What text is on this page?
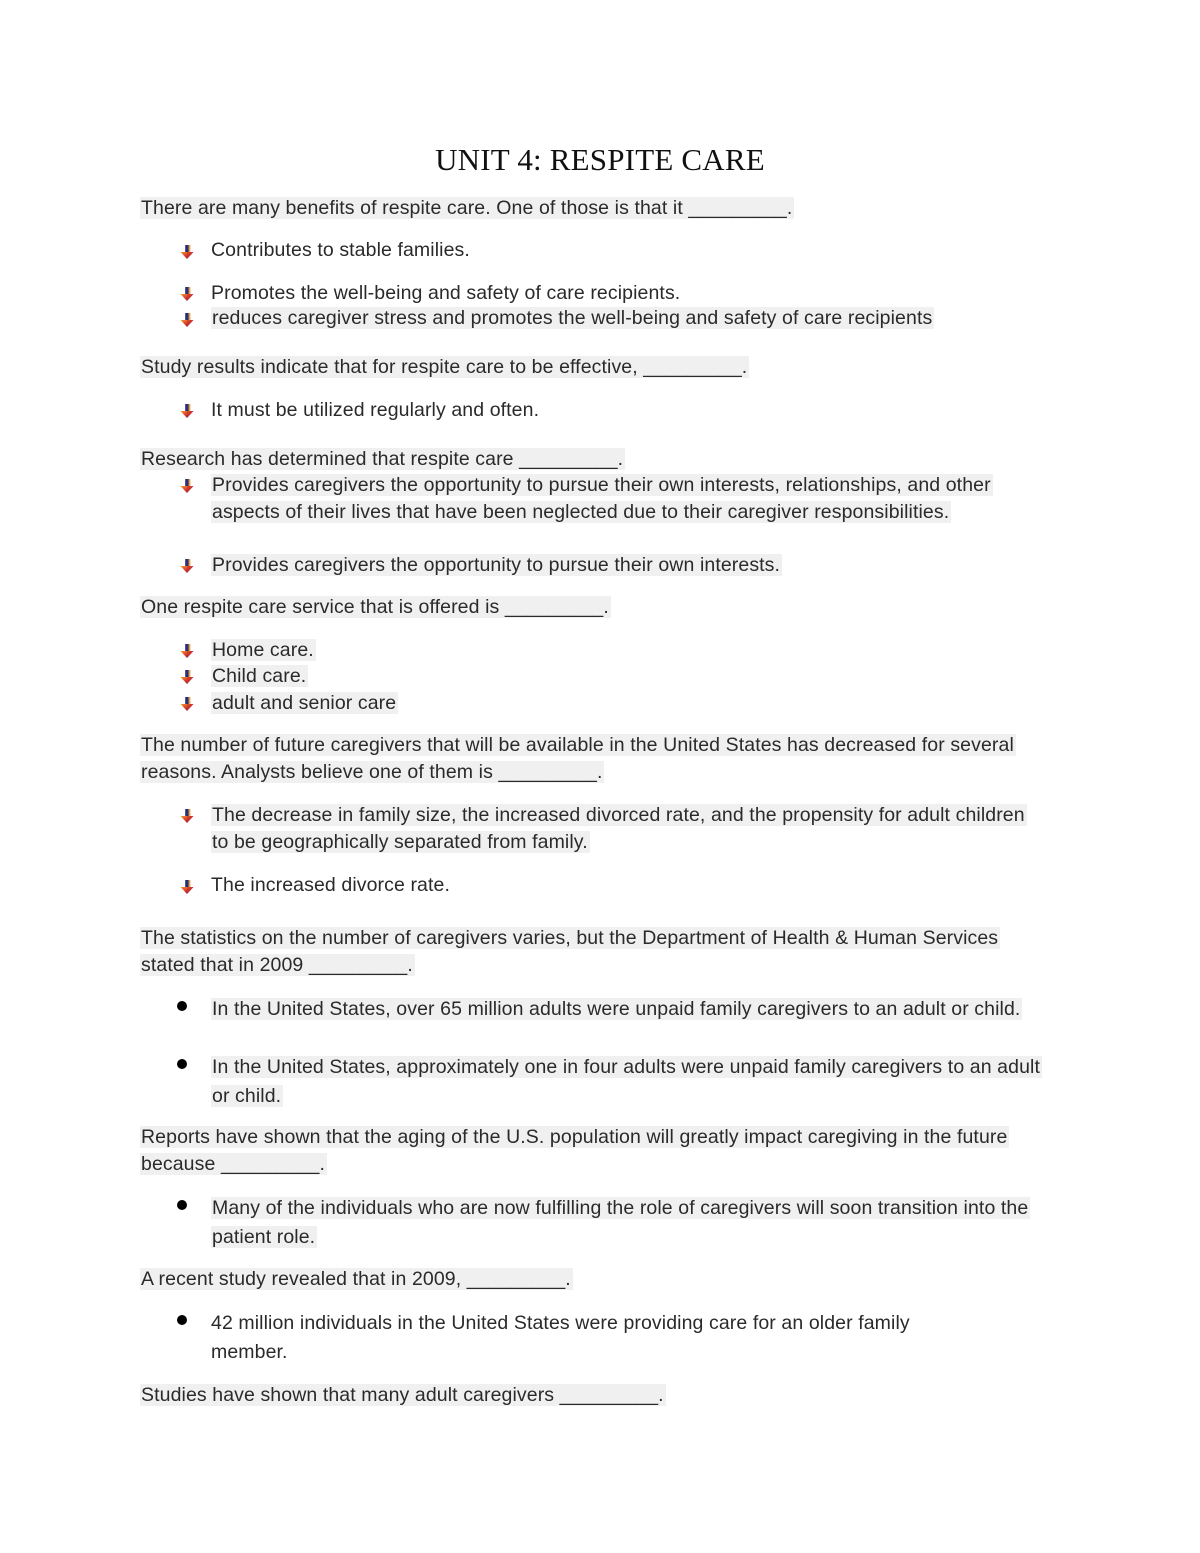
UNIT 4: RESPITE CARE
There are many benefits of respite care. One of those is that it _________.
Contributes to stable families.
Promotes the well-being and safety of care recipients.
reduces caregiver stress and promotes the well-being and safety of care recipients
Study results indicate that for respite care to be effective, _________.
It must be utilized regularly and often.
Research has determined that respite care _________.
Provides caregivers the opportunity to pursue their own interests, relationships, and other aspects of their lives that have been neglected due to their caregiver responsibilities.
Provides caregivers the opportunity to pursue their own interests.
One respite care service that is offered is _________.
Home care.
Child care.
adult and senior care
The number of future caregivers that will be available in the United States has decreased for several reasons. Analysts believe one of them is _________.
The decrease in family size, the increased divorced rate, and the propensity for adult children to be geographically separated from family.
The increased divorce rate.
The statistics on the number of caregivers varies, but the Department of Health & Human Services stated that in 2009 _________.
In the United States, over 65 million adults were unpaid family caregivers to an adult or child.
In the United States, approximately one in four adults were unpaid family caregivers to an adult or child.
Reports have shown that the aging of the U.S. population will greatly impact caregiving in the future because _________.
Many of the individuals who are now fulfilling the role of caregivers will soon transition into the patient role.
A recent study revealed that in 2009, _________.
42 million individuals in the United States were providing care for an older family member.
Studies have shown that many adult caregivers _________.
